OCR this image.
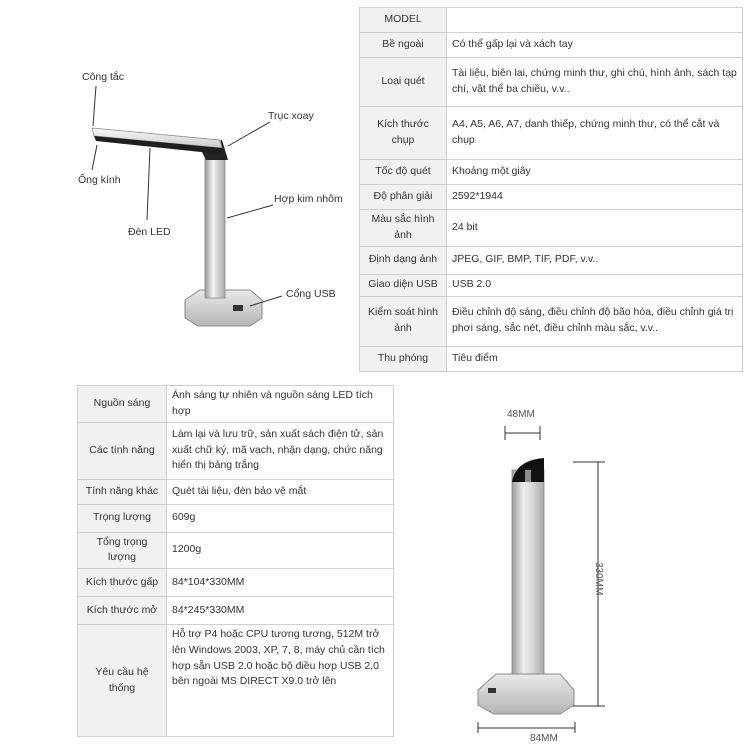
Công tắc
Ống kính
Trục xoay
Hợp kim nhôm
Đèn LED
Cổng USB
MODEL	
Bề ngoài	Có thể gấp lại và xách tay
Loại quét	Tài liệu, biên lai, chứng minh thư, ghi chú, hình ảnh, sách tạp chí, vật thể ba chiều, v.v..
Kích thước chụp	A4, A5, A6, A7, danh thiếp, chứng minh thư, có thể cắt và chụp
Tốc độ quét	Khoảng một giây
Độ phân giải	2592*1944
Màu sắc hình ảnh	24 bit
Định dạng ảnh	JPEG, GIF, BMP, TIF, PDF, v.v..
Giao diện USB	USB 2.0
Kiểm soát hình ảnh	Điều chỉnh độ sáng, điều chỉnh độ bão hòa, điều chỉnh giá trị phơi sáng, sắc nét, điều chỉnh màu sắc, v.v..
Thu phóng	Tiêu điểm
Nguồn sáng	Ánh sáng tự nhiên và nguồn sáng LED tích hợp
Các tính năng	Làm lại và lưu trữ, sản xuất sách điện tử, sản xuất chữ ký, mã vạch, nhận dạng, chức năng hiển thị bảng trắng
Tính năng khác	Quét tài liệu, đèn bảo vệ mắt
Trọng lượng	609g
Tổng trọng lượng	1200g
Kích thước gấp	84*104*330MM
Kích thước mở	84*245*330MM
Yêu cầu hệ thống	Hỗ trợ P4 hoặc CPU tương tương, 512M trở lên Windows 2003, XP, 7, 8, máy chủ cần tích hợp sẵn USB 2.0 hoặc bộ điều hợp USB 2,0 bên ngoài MS DIRECT X9.0 trở lên
48MM
330MM
84MM
